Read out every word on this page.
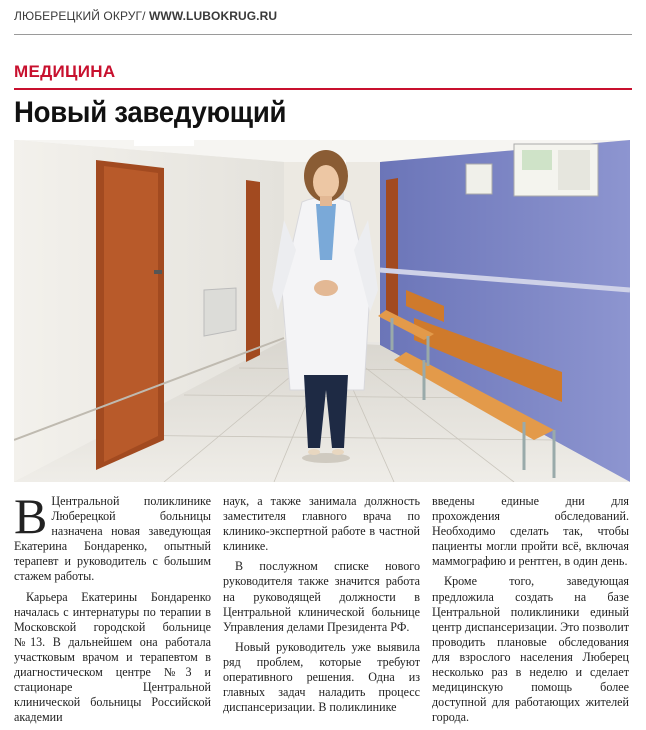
ЛЮБЕРЕЦКИЙ ОКРУГ/ WWW.LUBOKRUG.RU
МЕДИЦИНА
Новый заведующий

В Центральной поликлинике Люберецкой больницы назначена новая заведующая Екатерина Бондаренко, опытный терапевт и руководитель с большим стажем работы.

Карьера Екатерины Бондаренко началась с интернатуры по терапии в Московской городской больнице №13. В дальнейшем она работала участковым врачом и терапевтом в диагностическом центре №3 и стационаре Центральной клинической больницы Российской академии

наук, а также занимала должность заместителя главного врача по клинико-экспертной работе в частной клинике.

В послужном списке нового руководителя также значится работа на руководящей должности в Центральной клинической больнице Управления делами Президента РФ.

Новый руководитель уже выявила ряд проблем, которые требуют оперативного решения. Одна из главных задач наладить процесс диспансеризации. В поликлинике

введены единые дни для прохождения обследований. Необходимо сделать так, чтобы пациенты могли пройти всё, включая маммографию и рентген, в один день.

Кроме того, заведующая предложила создать на базе Центральной поликлиники единый центр диспансеризации. Это позволит проводить плановые обследования для взрослого населения Люберец несколько раз в неделю и сделает медицинскую помощь более доступной для работающих жителей города.
